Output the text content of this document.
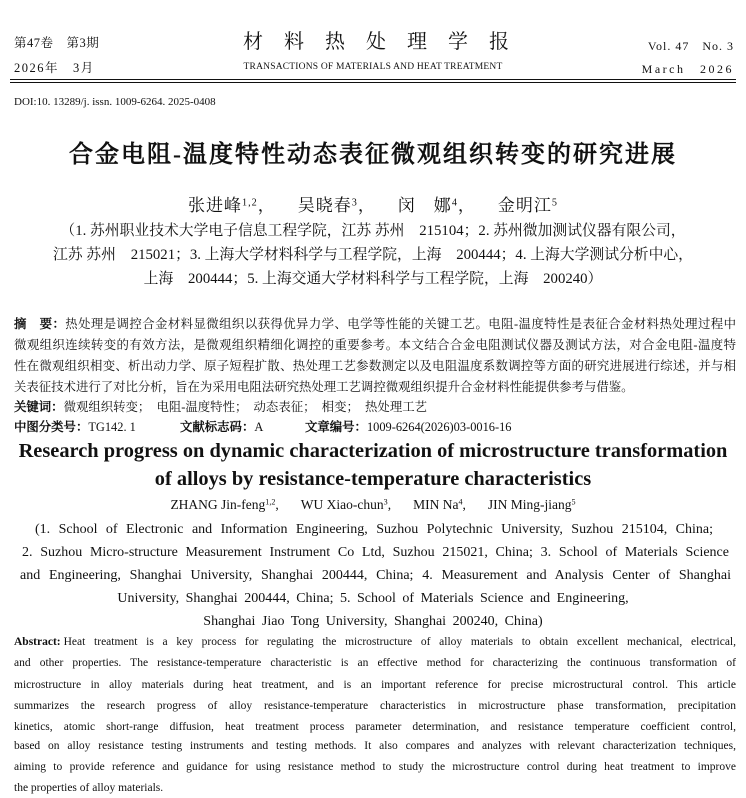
第47卷　第3期
2026年　3月
材料热处理学报
TRANSACTIONS OF MATERIALS AND HEAT TREATMENT
Vol. 47　No. 3
March　2026
DOI:10. 13289/j. issn. 1009-6264. 2025-0408
合金电阻-温度特性动态表征微观组织转变的研究进展
张进峰$^{1,2}$， 吴晓春$^3$， 闵　娜$^4$， 金明江$^5$
（1. 苏州职业技术大学电子信息工程学院，江苏 苏州　215104；2. 苏州微加测试仪器有限公司，
江苏 苏州　215021；3. 上海大学材料科学与工程学院，上海　200444；4. 上海大学测试分析中心，
上海　200444；5. 上海交通大学材料科学与工程学院，上海　200240）
摘　要：热处理是调控合金材料显微组织以获得优异力学、电学等性能的关键工艺。电阻-温度特性是表征合金材料热处理过程中
微观组织连续转变的有效方法，是微观组织精细化调控的重要参考。本文结合合金电阻测试仪器及测试方法，对合金电阻-温度特
性在微观组织相变、析出动力学、原子短程扩散、热处理工艺参数测定以及电阻温度系数调控等方面的研究进展进行综述，并与相
关表征技术进行了对比分析，旨在为采用电阻法研究热处理工艺调控微观组织提升合金材料性能提供参考与借鉴。
关键词：微观组织转变；　电阻-温度特性；　动态表征；　相变；　热处理工艺
中图分类号：TG142. 1	文献标志码：A	文章编号：1009-6264(2026)03-0016-16
Research progress on dynamic characterization of microstructure transformation
of alloys by resistance-temperature characteristics
ZHANG Jin-feng$^{1,2}$, WU Xiao-chun$^3$, MIN Na$^4$, JIN Ming-jiang$^5$
(1. School of Electronic and Information Engineering, Suzhou Polytechnic University, Suzhou 215104, China;
2. Suzhou Micro-structure Measurement Instrument Co Ltd, Suzhou 215021, China; 3. School of Materials Science
and Engineering, Shanghai University, Shanghai 200444, China; 4. Measurement and Analysis Center of Shanghai
University, Shanghai 200444, China; 5. School of Materials Science and Engineering,
Shanghai Jiao Tong University, Shanghai 200240, China)
Abstract: Heat treatment is a key process for regulating the microstructure of alloy materials to obtain excellent mechanical, electrical,
and other properties. The resistance-temperature characteristic is an effective method for characterizing the continuous transformation of
microstructure in alloy materials during heat treatment, and is an important reference for precise microstructural control. This article
summarizes the research progress of alloy resistance-temperature characteristics in microstructure phase transformation, precipitation
kinetics, atomic short-range diffusion, heat treatment process parameter determination, and resistance temperature coefficient control,
based on alloy resistance testing instruments and testing methods. It also compares and analyzes with relevant characterization techniques,
aiming to provide reference and guidance for using resistance method to study the microstructure control during heat treatment to improve
the properties of alloy materials.
